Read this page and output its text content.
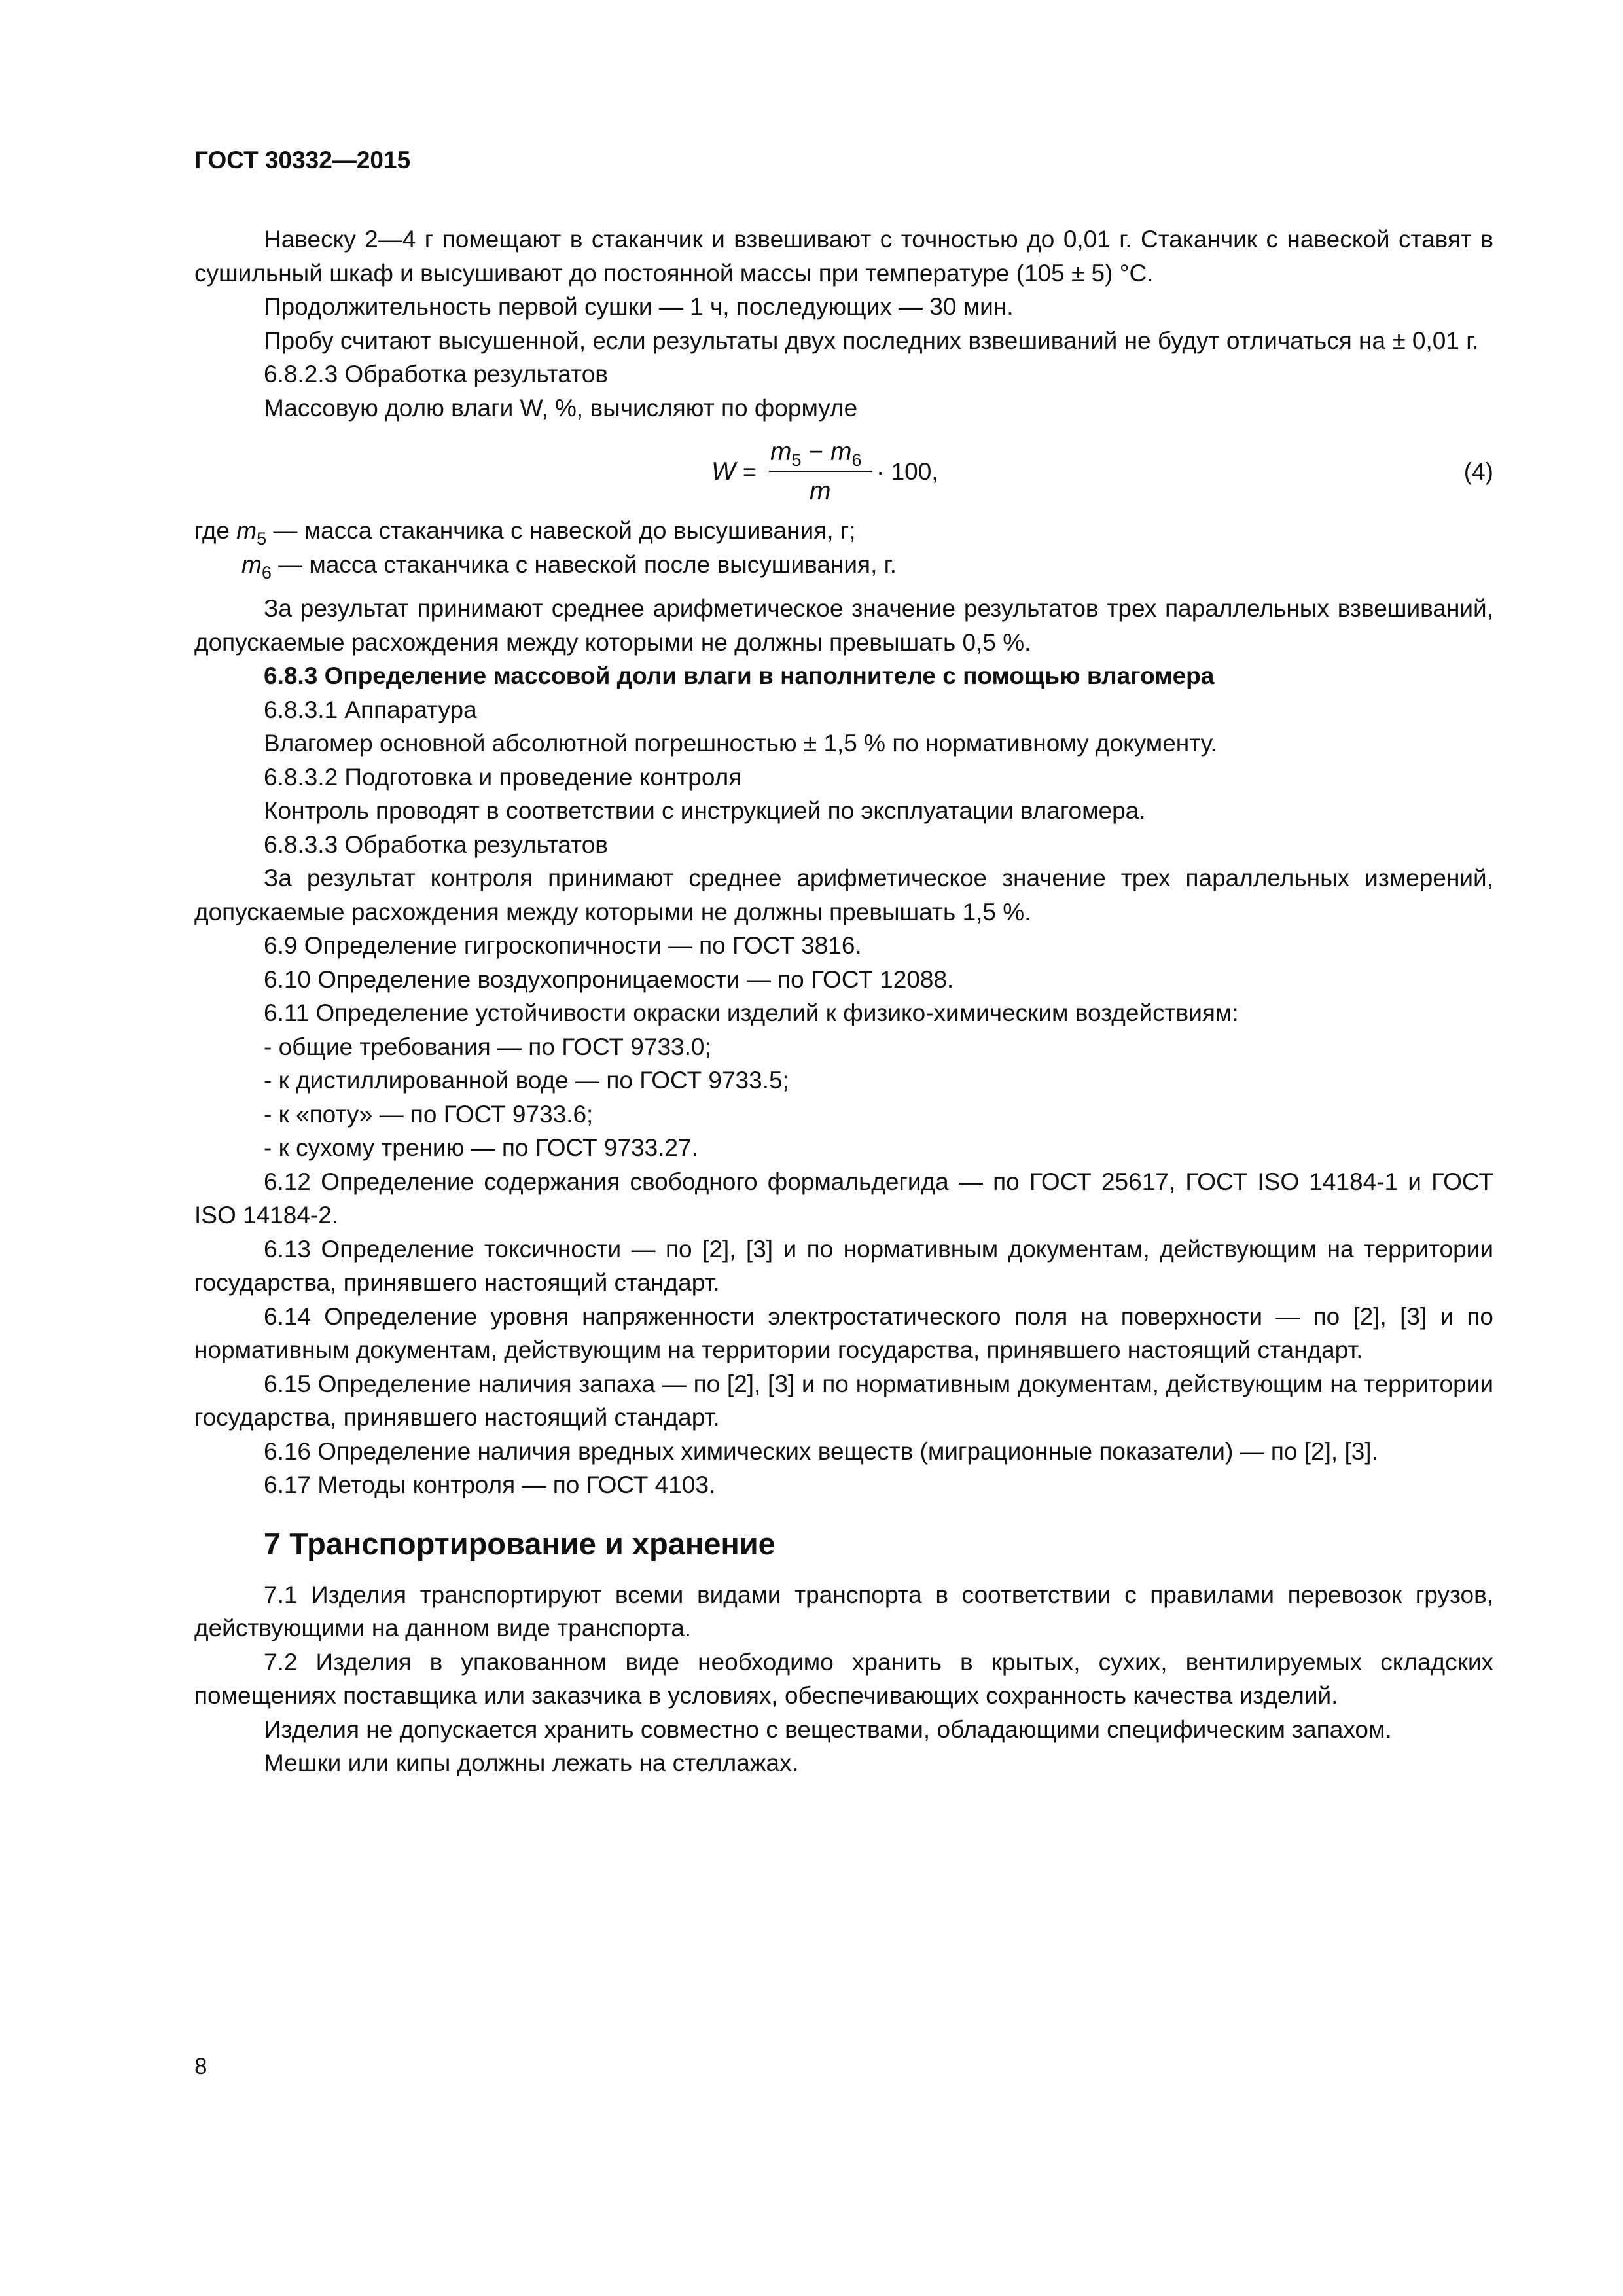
ГОСТ 30332—2015

Навеску 2—4 г помещают в стаканчик и взвешивают с точностью до 0,01 г. Стаканчик с навеской ставят в сушильный шкаф и высушивают до постоянной массы при температуре (105 ± 5) °С.

Продолжительность первой сушки — 1 ч, последующих — 30 мин.

Пробу считают высушенной, если результаты двух последних взвешиваний не будут отличаться на ± 0,01 г.

6.8.2.3 Обработка результатов

Массовую долю влаги W, %, вычисляют по формуле

W =
$m_5 - m_6$
m
· 100,	(4)

где $m_5$ — масса стаканчика с навеской до высушивания, г;

$m_6$ — масса стаканчика с навеской после высушивания, г.

За результат принимают среднее арифметическое значение результатов трех параллельных взвешиваний, допускаемые расхождения между которыми не должны превышать 0,5 %.

6.8.3 Определение массовой доли влаги в наполнителе с помощью влагомера

6.8.3.1 Аппаратура

Влагомер основной абсолютной погрешностью ± 1,5 % по нормативному документу.

6.8.3.2 Подготовка и проведение контроля

Контроль проводят в соответствии с инструкцией по эксплуатации влагомера.

6.8.3.3 Обработка результатов

За результат контроля принимают среднее арифметическое значение трех параллельных измерений, допускаемые расхождения между которыми не должны превышать 1,5 %.

6.9 Определение гигроскопичности — по ГОСТ 3816.

6.10 Определение воздухопроницаемости — по ГОСТ 12088.

6.11 Определение устойчивости окраски изделий к физико-химическим воздействиям:

- общие требования — по ГОСТ 9733.0;

- к дистиллированной воде — по ГОСТ 9733.5;

- к «поту» — по ГОСТ 9733.6;

- к сухому трению — по ГОСТ 9733.27.

6.12 Определение содержания свободного формальдегида — по ГОСТ 25617, ГОСТ ISO 14184-1 и ГОСТ ISO 14184-2.

6.13 Определение токсичности — по [2], [3] и по нормативным документам, действующим на территории государства, принявшего настоящий стандарт.

6.14 Определение уровня напряженности электростатического поля на поверхности — по [2], [3] и по нормативным документам, действующим на территории государства, принявшего настоящий стандарт.

6.15 Определение наличия запаха — по [2], [3] и по нормативным документам, действующим на территории государства, принявшего настоящий стандарт.

6.16 Определение наличия вредных химических веществ (миграционные показатели) — по [2], [3].

6.17 Методы контроля — по ГОСТ 4103.

7 Транспортирование и хранение

7.1 Изделия транспортируют всеми видами транспорта в соответствии с правилами перевозок грузов, действующими на данном виде транспорта.

7.2 Изделия в упакованном виде необходимо хранить в крытых, сухих, вентилируемых складских помещениях поставщика или заказчика в условиях, обеспечивающих сохранность качества изделий.

Изделия не допускается хранить совместно с веществами, обладающими специфическим запахом.

Мешки или кипы должны лежать на стеллажах.

8
